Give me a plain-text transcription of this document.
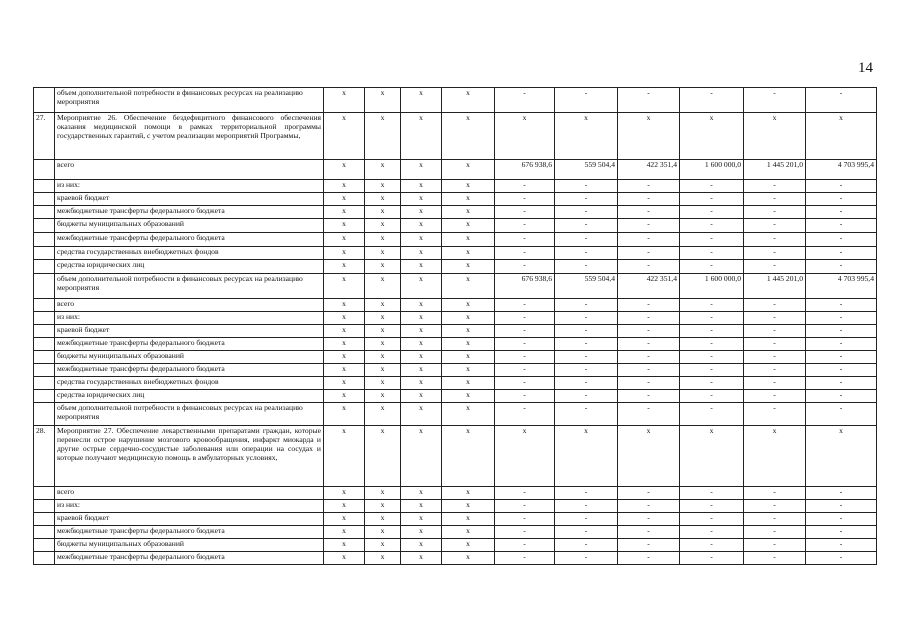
14
	объем дополнительной потребности в финансовых ресурсах на реализацию мероприятия	x	x	x	x	-	-	-	-	-	-
27.	Мероприятие 26. Обеспечение бездефицитного финансового обеспечения оказания медицинской помощи в рамках территориальной программы государственных гарантий, с учетом реализации мероприятий Программы,	x	x	x	x	x	x	x	x	x	x
	всего	x	x	x	x	676 938,6	559 504,4	422 351,4	1 600 000,0	1 445 201,0	4 703 995,4
	из них:	x	x	x	x	-	-	-	-	-	-
	краевой бюджет	x	x	x	x	-	-	-	-	-	-
	межбюджетные трансферты федерального бюджета	x	x	x	x	-	-	-	-	-	-
	бюджеты муниципальных образований	x	x	x	x	-	-	-	-	-	-
	межбюджетные трансферты федерального бюджета	x	x	x	x	-	-	-	-	-	-
	средства государственных внебюджетных фондов	x	x	x	x	-	-	-	-	-	-
	средства юридических лиц	x	x	x	x	-	-	-	-	-	-
	объем дополнительной потребности в финансовых ресурсах на реализацию мероприятия	x	x	x	x	676 938,6	559 504,4	422 351,4	1 600 000,0	1 445 201,0	4 703 995,4
	всего	x	x	x	x	-	-	-	-	-	-
	из них:	x	x	x	x	-	-	-	-	-	-
	краевой бюджет	x	x	x	x	-	-	-	-	-	-
	межбюджетные трансферты федерального бюджета	x	x	x	x	-	-	-	-	-	-
	бюджеты муниципальных образований	x	x	x	x	-	-	-	-	-	-
	межбюджетные трансферты федерального бюджета	x	x	x	x	-	-	-	-	-	-
	средства государственных внебюджетных фондов	x	x	x	x	-	-	-	-	-	-
	средства юридических лиц	x	x	x	x	-	-	-	-	-	-
	объем дополнительной потребности в финансовых ресурсах на реализацию мероприятия	x	x	x	x	-	-	-	-	-	-
28.	Мероприятие 27. Обеспечение лекарственными препаратами граждан, которые перенесли острое нарушение мозгового кровообращения, инфаркт миокарда и другие острые сердечно-сосудистые заболевания или операции на сосудах и которые получают медицинскую помощь в амбулаторных условиях,	x	x	x	x	x	x	x	x	x	x
	всего	x	x	x	x	-	-	-	-	-	-
	из них:	x	x	x	x	-	-	-	-	-	-
	краевой бюджет	x	x	x	x	-	-	-	-	-	-
	межбюджетные трансферты федерального бюджета	x	x	x	x	-	-	-	-	-	-
	бюджеты муниципальных образований	x	x	x	x	-	-	-	-	-	-
	межбюджетные трансферты федерального бюджета	x	x	x	x	-	-	-	-	-	-
